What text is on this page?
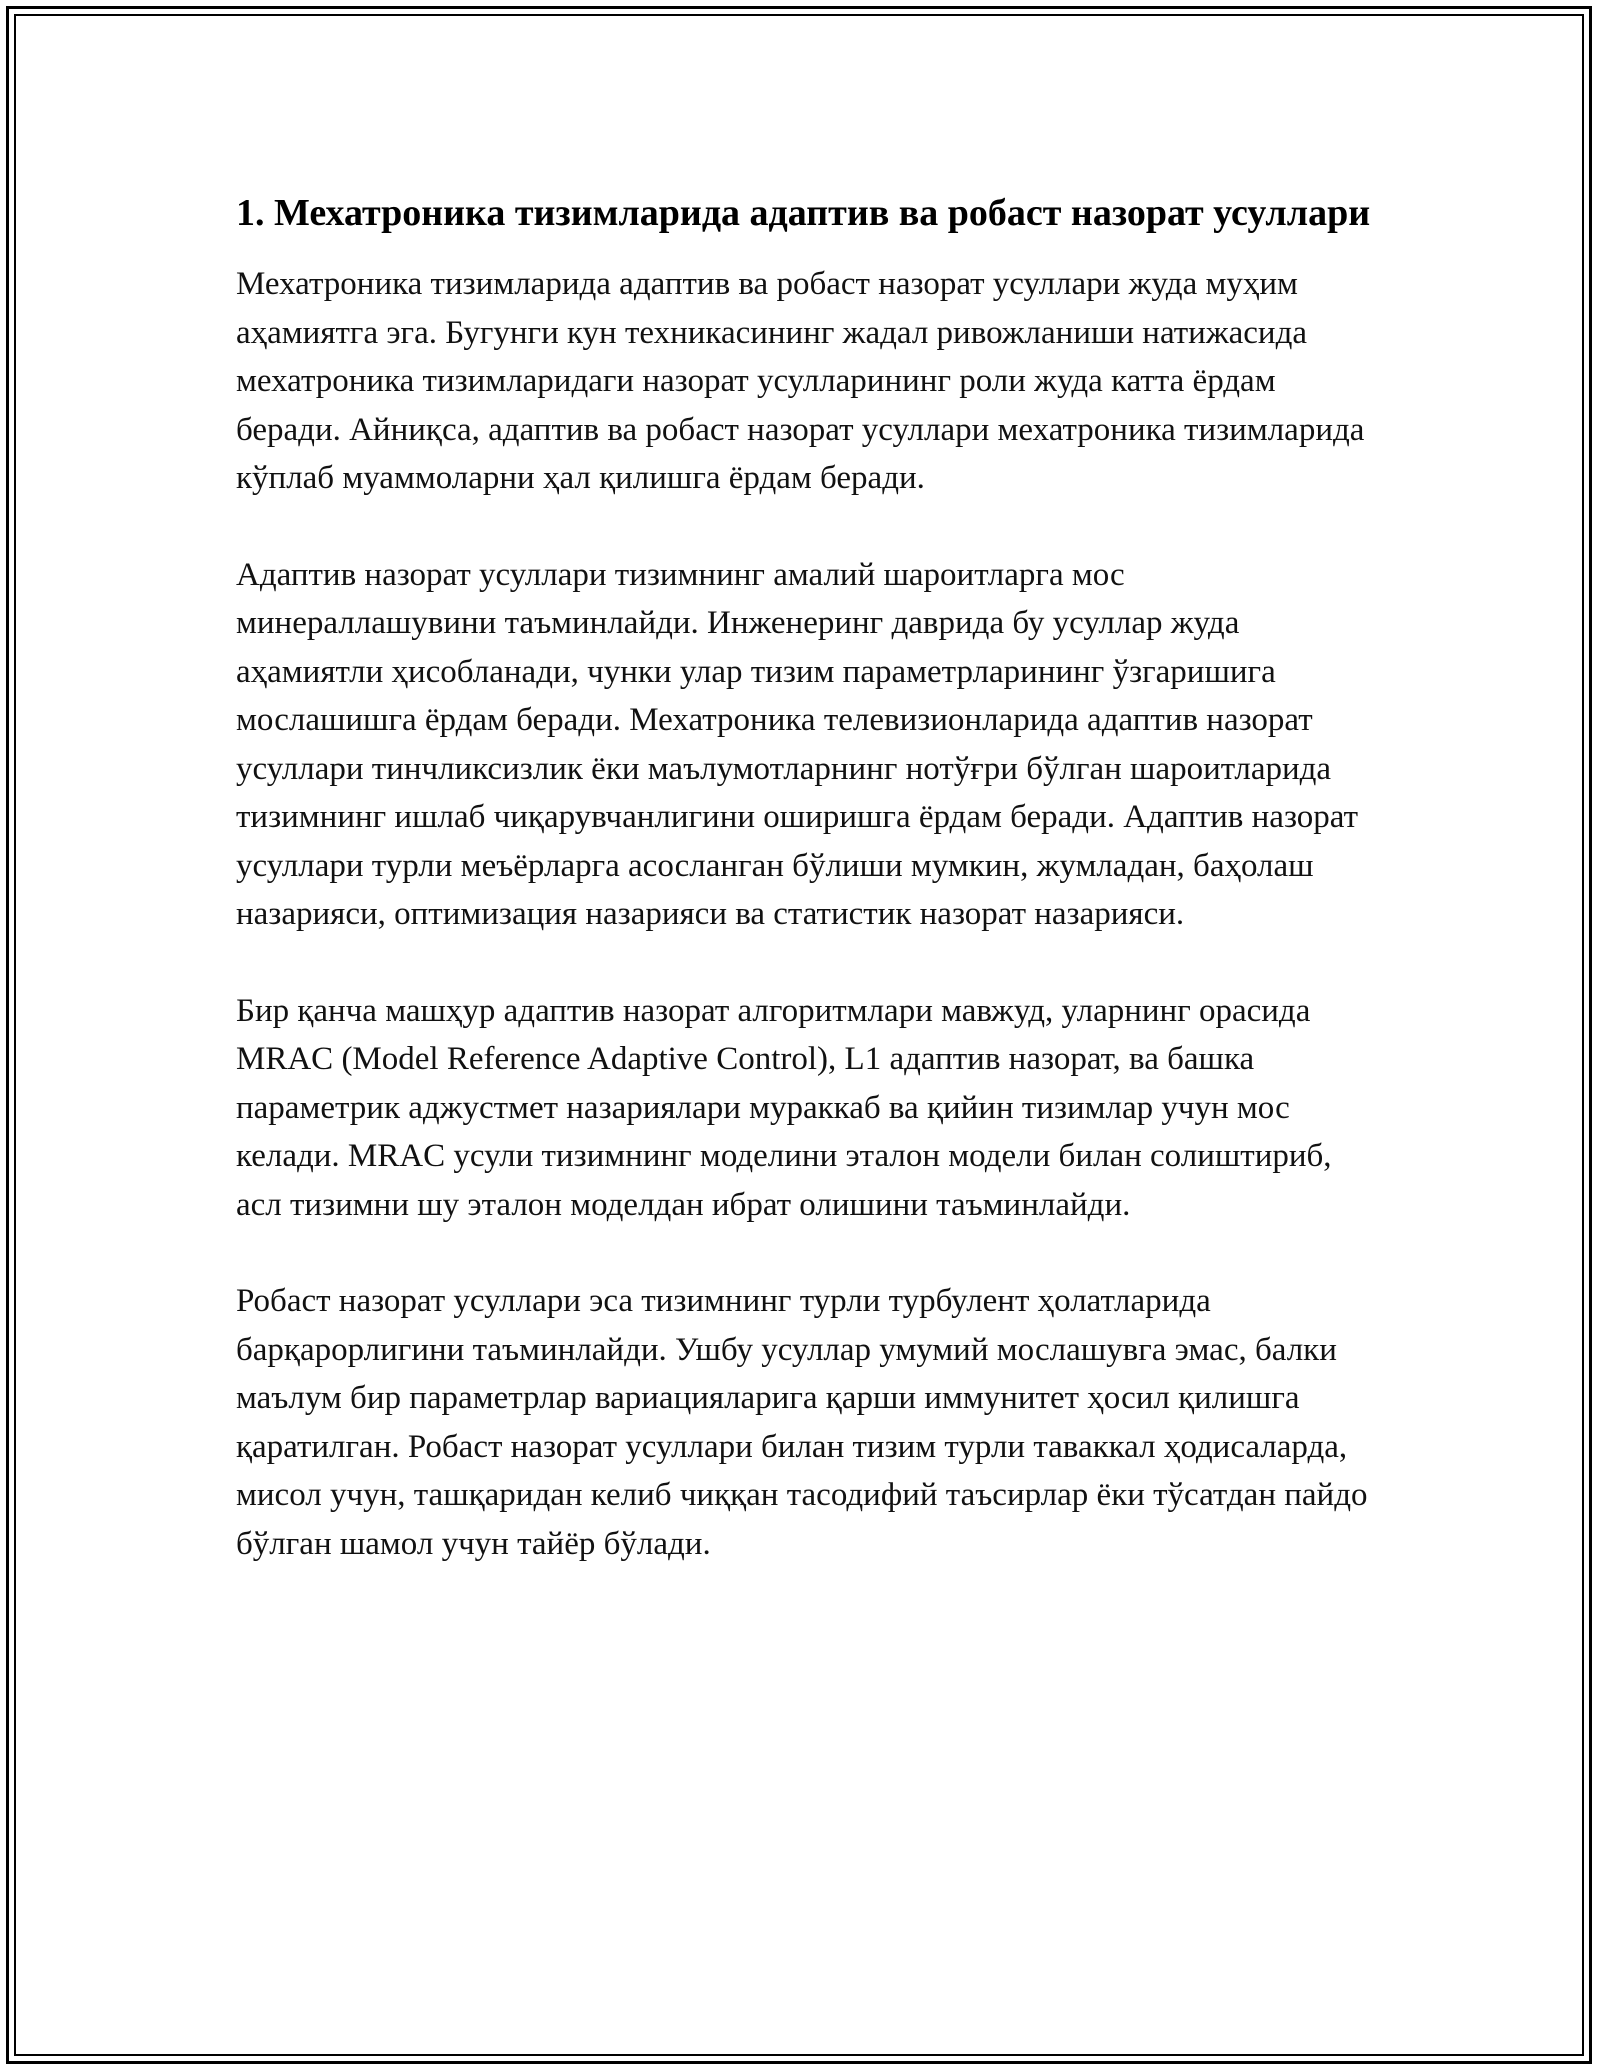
1. Мехатроника тизимларида адаптив ва робаст назорат усуллари

Мехатроника тизимларида адаптив ва робаст назорат усуллари жуда муҳим аҳамиятга эга. Бугунги кун техникасининг жадал ривожланиши натижасида мехатроника тизимларидаги назорат усулларининг роли жуда катта ёрдам беради. Айниқса, адаптив ва робаст назорат усуллари мехатроника тизимларида кўплаб муаммоларни ҳал қилишга ёрдам беради.

Адаптив назорат усуллари тизимнинг амалий шароитларга мос минераллашувини таъминлайди. Инженеринг даврида бу усуллар жуда аҳамиятли ҳисобланади, чунки улар тизим параметрларининг ўзгаришига мослашишга ёрдам беради. Мехатроника телевизионларида адаптив назорат усуллари тинчликсизлик ёки маълумотларнинг нотўғри бўлган шароитларида тизимнинг ишлаб чиқарувчанлигини оширишга ёрдам беради. Адаптив назорат усуллари турли меъёрларга асосланган бўлиши мумкин, жумладан, баҳолаш назарияси, оптимизация назарияси ва статистик назорат назарияси.

Бир қанча машҳур адаптив назорат алгоритмлари мавжуд, уларнинг орасида MRAC (Model Reference Adaptive Control), L1 адаптив назорат, ва башка параметрик аджустмет назариялари мураккаб ва қийин тизимлар учун мос келади. MRAC усули тизимнинг моделини эталон модели билан солиштириб, асл тизимни шу эталон моделдан ибрат олишини таъминлайди.

Робаст назорат усуллари эса тизимнинг турли турбулент ҳолатларида барқарорлигини таъминлайди. Ушбу усуллар умумий мослашувга эмас, балки маълум бир параметрлар вариацияларига қарши иммунитет ҳосил қилишга қаратилган. Робаст назорат усуллари билан тизим турли таваккал ҳодисаларда, мисол учун, ташқаридан келиб чиққан тасодифий таъсирлар ёки тўсатдан пайдо бўлган шамол учун тайёр бўлади.
